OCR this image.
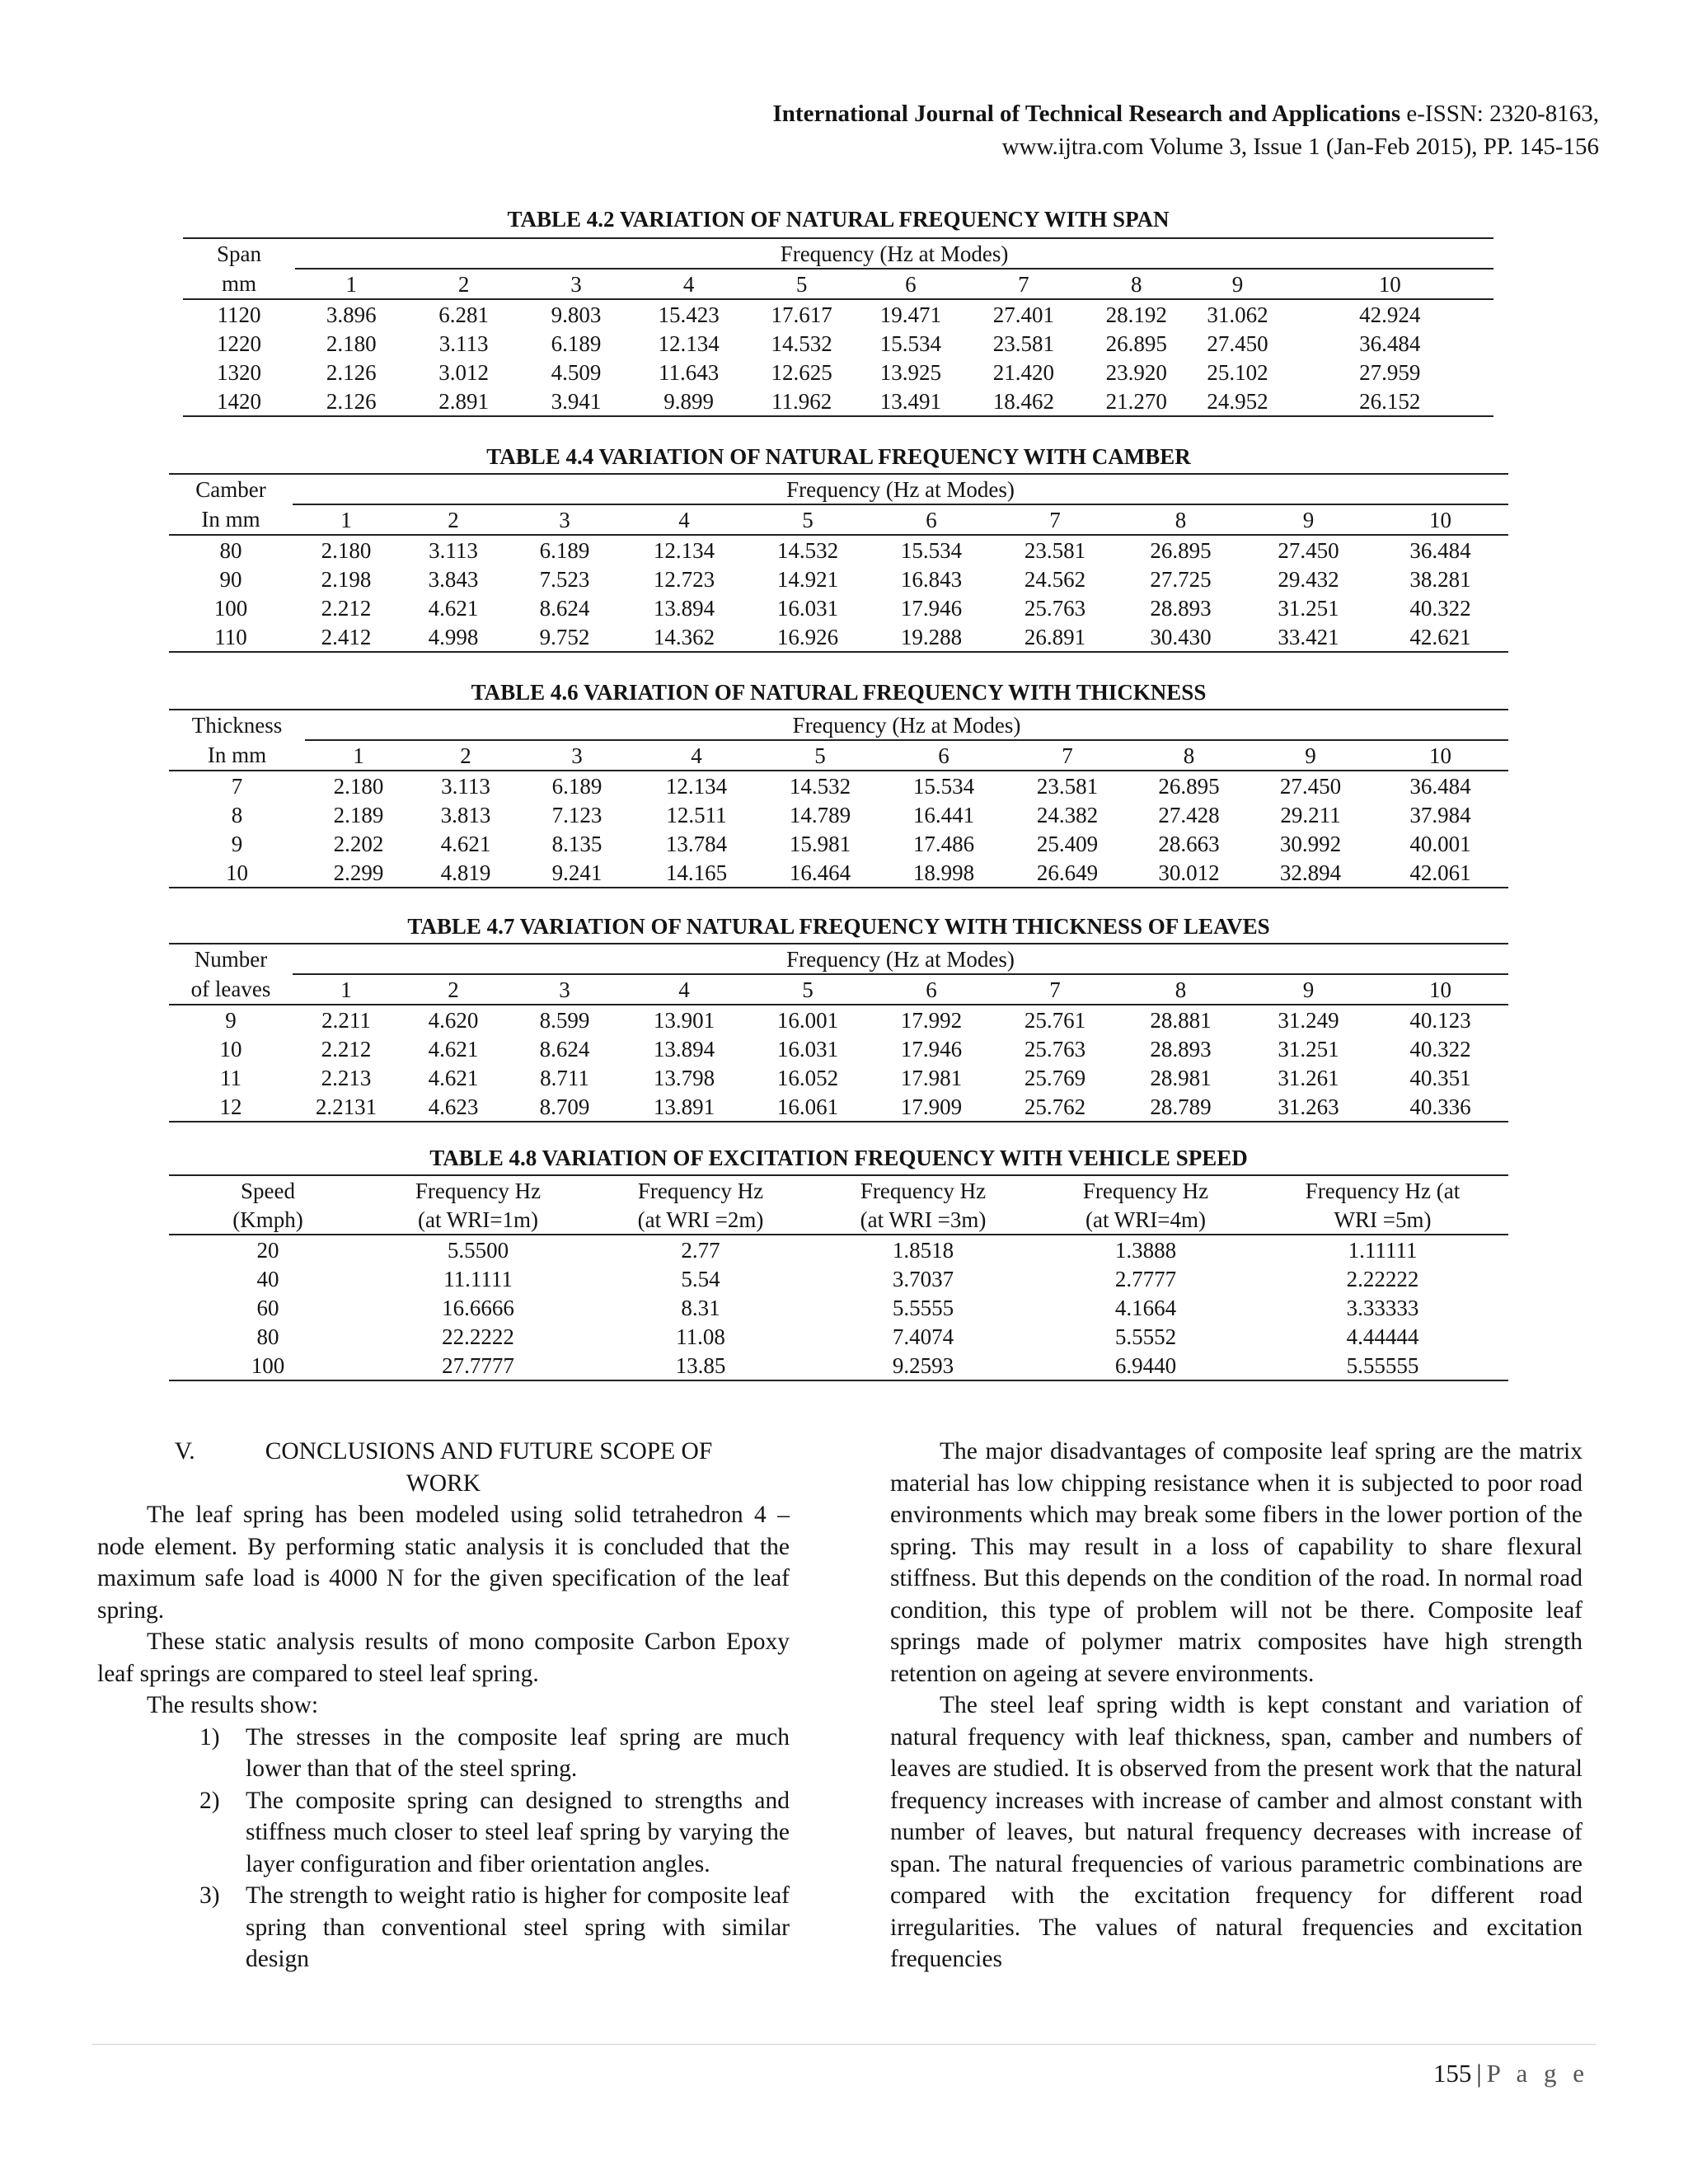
International Journal of Technical Research and Applications e-ISSN: 2320-8163,
www.ijtra.com Volume 3, Issue 1 (Jan-Feb 2015), PP. 145-156
TABLE 4.2 VARIATION OF NATURAL FREQUENCY WITH SPAN
Span	Frequency (Hz at Modes)									
mm	1	2	3	4	5	6	7	8	9	10
1120	3.896	6.281	9.803	15.423	17.617	19.471	27.401	28.192	31.062	42.924
1220	2.180	3.113	6.189	12.134	14.532	15.534	23.581	26.895	27.450	36.484
1320	2.126	3.012	4.509	11.643	12.625	13.925	21.420	23.920	25.102	27.959
1420	2.126	2.891	3.941	9.899	11.962	13.491	18.462	21.270	24.952	26.152
TABLE 4.4 VARIATION OF NATURAL FREQUENCY WITH CAMBER
Camber	Frequency (Hz at Modes)									
In mm	1	2	3	4	5	6	7	8	9	10
80	2.180	3.113	6.189	12.134	14.532	15.534	23.581	26.895	27.450	36.484
90	2.198	3.843	7.523	12.723	14.921	16.843	24.562	27.725	29.432	38.281
100	2.212	4.621	8.624	13.894	16.031	17.946	25.763	28.893	31.251	40.322
110	2.412	4.998	9.752	14.362	16.926	19.288	26.891	30.430	33.421	42.621
TABLE 4.6 VARIATION OF NATURAL FREQUENCY WITH THICKNESS
Thickness	Frequency (Hz at Modes)									
In mm	1	2	3	4	5	6	7	8	9	10
7	2.180	3.113	6.189	12.134	14.532	15.534	23.581	26.895	27.450	36.484
8	2.189	3.813	7.123	12.511	14.789	16.441	24.382	27.428	29.211	37.984
9	2.202	4.621	8.135	13.784	15.981	17.486	25.409	28.663	30.992	40.001
10	2.299	4.819	9.241	14.165	16.464	18.998	26.649	30.012	32.894	42.061
TABLE 4.7 VARIATION OF NATURAL FREQUENCY WITH THICKNESS OF LEAVES
Number	Frequency (Hz at Modes)									
of leaves	1	2	3	4	5	6	7	8	9	10
9	2.211	4.620	8.599	13.901	16.001	17.992	25.761	28.881	31.249	40.123
10	2.212	4.621	8.624	13.894	16.031	17.946	25.763	28.893	31.251	40.322
11	2.213	4.621	8.711	13.798	16.052	17.981	25.769	28.981	31.261	40.351
12	2.2131	4.623	8.709	13.891	16.061	17.909	25.762	28.789	31.263	40.336
TABLE 4.8 VARIATION OF EXCITATION FREQUENCY WITH VEHICLE SPEED
Speed	Frequency Hz	Frequency Hz	Frequency Hz	Frequency Hz	Frequency Hz (at
(Kmph)	(at WRI=1m)	(at WRI =2m)	(at WRI =3m)	(at WRI=4m)	WRI =5m)
20	5.5500	2.77	1.8518	1.3888	1.11111
40	11.1111	5.54	3.7037	2.7777	2.22222
60	16.6666	8.31	5.5555	4.1664	3.33333
80	22.2222	11.08	7.4074	5.5552	4.44444
100	27.7777	13.85	9.2593	6.9440	5.55555

V.	CONCLUSIONS AND FUTURE SCOPE OF
WORK

The leaf spring has been modeled using solid tetrahedron 4 – node element. By performing static analysis it is concluded that the maximum safe load is 4000 N for the given specification of the leaf spring.

These static analysis results of mono composite Carbon Epoxy leaf springs are compared to steel leaf spring.

The results show:

1) The stresses in the composite leaf spring are much lower than that of the steel spring.
2) The composite spring can designed to strengths and stiffness much closer to steel leaf spring by varying the layer configuration and fiber orientation angles.
3) The strength to weight ratio is higher for composite leaf spring than conventional steel spring with similar design

The major disadvantages of composite leaf spring are the matrix material has low chipping resistance when it is subjected to poor road environments which may break some fibers in the lower portion of the spring. This may result in a loss of capability to share flexural stiffness. But this depends on the condition of the road. In normal road condition, this type of problem will not be there. Composite leaf springs made of polymer matrix composites have high strength retention on ageing at severe environments.

The steel leaf spring width is kept constant and variation of natural frequency with leaf thickness, span, camber and numbers of leaves are studied. It is observed from the present work that the natural frequency increases with increase of camber and almost constant with number of leaves, but natural frequency decreases with increase of span. The natural frequencies of various parametric combinations are compared with the excitation frequency for different road irregularities. The values of natural frequencies and excitation frequencies

155 | P a g e
